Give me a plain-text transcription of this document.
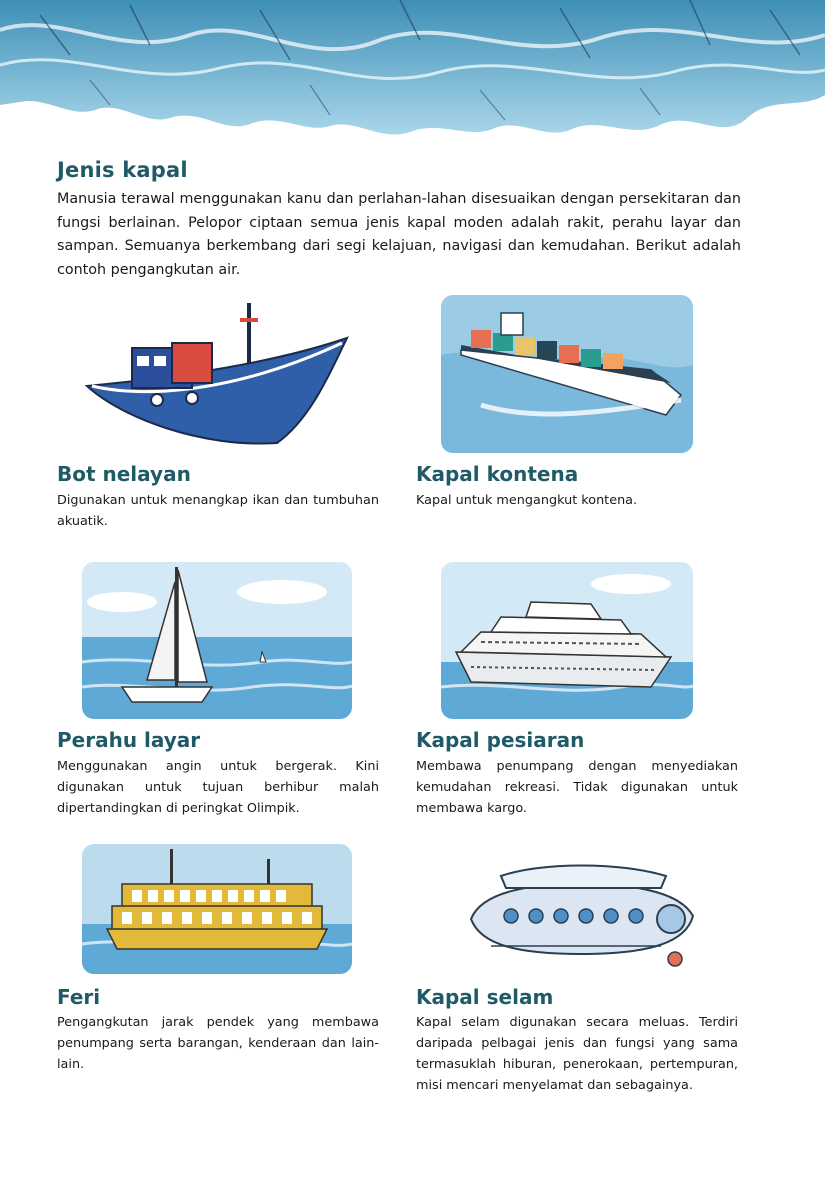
Jenis kapal

Manusia terawal menggunakan kanu dan perlahan-lahan disesuaikan dengan persekitaran dan fungsi berlainan. Pelopor ciptaan semua jenis kapal moden adalah rakit, perahu layar dan sampan. Semuanya berkembang dari segi kelajuan, navigasi dan kemudahan. Berikut adalah contoh pengangkutan air.

Bot nelayan

Digunakan untuk menangkap ikan dan tumbuhan akuatik.

Kapal kontena

Kapal untuk mengangkut kontena.

Perahu layar

Menggunakan angin untuk bergerak. Kini digunakan untuk tujuan berhibur malah dipertandingkan di peringkat Olimpik.

Kapal pesiaran

Membawa penumpang dengan menyediakan kemudahan rekreasi. Tidak digunakan untuk membawa kargo.

Feri

Pengangkutan jarak pendek yang membawa penumpang serta barangan, kenderaan dan lain-lain.

Kapal selam

Kapal selam digunakan secara meluas. Terdiri daripada pelbagai jenis dan fungsi yang sama termasuklah hiburan, penerokaan, pertempuran, misi mencari menyelamat dan sebagainya.
